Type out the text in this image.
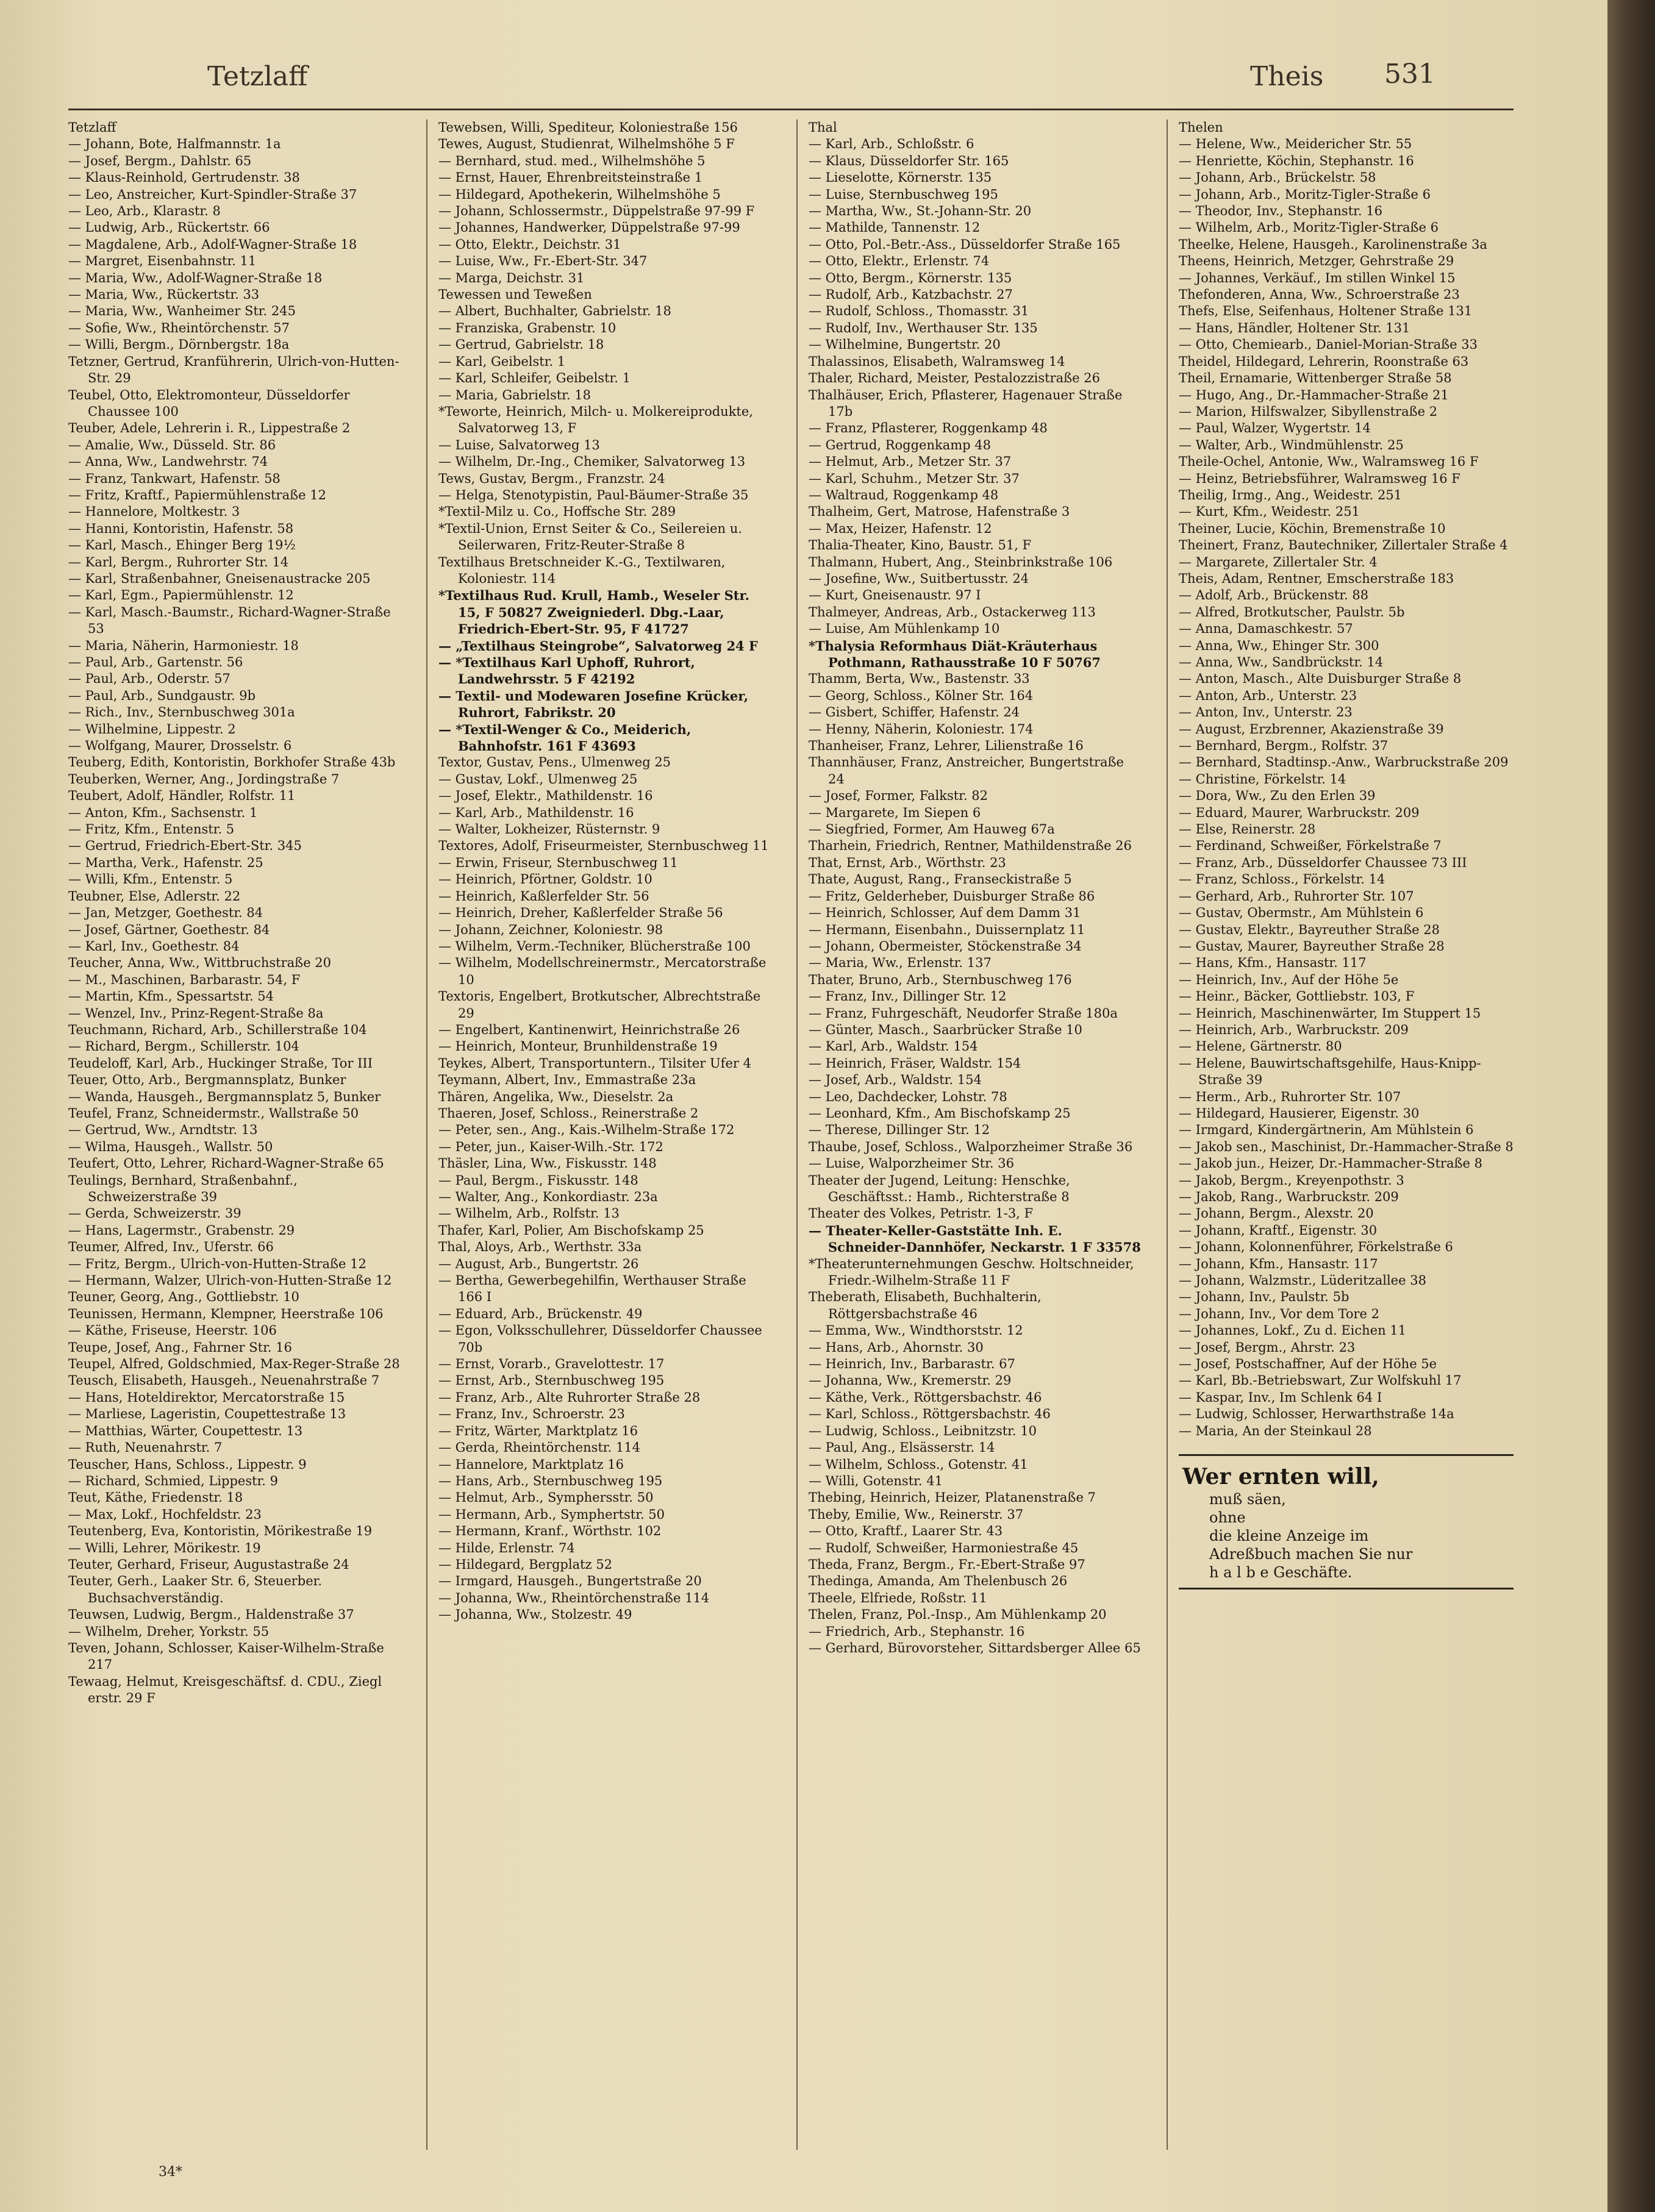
Tetzlaff	Theis 531
Tetzlaff
— Johann, Bote, Halfmannstr. 1a
— Josef, Bergm., Dahlstr. 65
— Klaus-Reinhold, Gertrudenstr. 38
— Leo, Anstreicher, Kurt-Spindler-Straße 37
— Leo, Arb., Klarastr. 8
— Ludwig, Arb., Rückertstr. 66
— Magdalene, Arb., Adolf-Wagner-Straße 18
— Margret, Eisenbahnstr. 11
— Maria, Ww., Adolf-Wagner-Straße 18
— Maria, Ww., Rückertstr. 33
— Maria, Ww., Wanheimer Str. 245
— Sofie, Ww., Rheintörchenstr. 57
— Willi, Bergm., Dörnbergstr. 18a
Tetzner, Gertrud, Kranführerin, Ulrich-von-Hutten-Str. 29
Teubel, Otto, Elektromonteur, Düsseldorfer Chaussee 100
Teuber, Adele, Lehrerin i. R., Lippestraße 2
— Amalie, Ww., Düsseld. Str. 86
— Anna, Ww., Landwehrstr. 74
— Franz, Tankwart, Hafenstr. 58
— Fritz, Kraftf., Papiermühlenstraße 12
— Hannelore, Moltkestr. 3
— Hanni, Kontoristin, Hafenstr. 58
— Karl, Masch., Ehinger Berg 19½
— Karl, Bergm., Ruhrorter Str. 14
— Karl, Straßenbahner, Gneisenaustracke 205
— Karl, Egm., Papiermühlenstr. 12
— Karl, Masch.-Baumstr., Richard-Wagner-Straße 53
— Maria, Näherin, Harmoniestr. 18
— Paul, Arb., Gartenstr. 56
— Paul, Arb., Oderstr. 57
— Paul, Arb., Sundgaustr. 9b
— Rich., Inv., Sternbuschweg 301a
— Wilhelmine, Lippestr. 2
— Wolfgang, Maurer, Drosselstr. 6
Teuberg, Edith, Kontoristin, Borkhofer Straße 43b
Teuberken, Werner, Ang., Jordingstraße 7
Teubert, Adolf, Händler, Rolfstr. 11
— Anton, Kfm., Sachsenstr. 1
— Fritz, Kfm., Entenstr. 5
— Gertrud, Friedrich-Ebert-Str. 345
— Martha, Verk., Hafenstr. 25
— Willi, Kfm., Entenstr. 5
Teubner, Else, Adlerstr. 22
— Jan, Metzger, Goethestr. 84
— Josef, Gärtner, Goethestr. 84
— Karl, Inv., Goethestr. 84
Teucher, Anna, Ww., Wittbruchstraße 20
— M., Maschinen, Barbarastr. 54, F
— Martin, Kfm., Spessartstr. 54
— Wenzel, Inv., Prinz-Regent-Straße 8a
Teuchmann, Richard, Arb., Schillerstraße 104
— Richard, Bergm., Schillerstr. 104
Teudeloff, Karl, Arb., Huckinger Straße, Tor III
Teuer, Otto, Arb., Bergmannsplatz, Bunker
— Wanda, Hausgeh., Bergmannsplatz 5, Bunker
Teufel, Franz, Schneidermstr., Wallstraße 50
— Gertrud, Ww., Arndtstr. 13
— Wilma, Hausgeh., Wallstr. 50
Teufert, Otto, Lehrer, Richard-Wagner-Straße 65
Teulings, Bernhard, Straßenbahnf., Schweizerstraße 39
— Gerda, Schweizerstr. 39
— Hans, Lagermstr., Grabenstr. 29
Teumer, Alfred, Inv., Uferstr. 66
— Fritz, Bergm., Ulrich-von-Hutten-Straße 12
— Hermann, Walzer, Ulrich-von-Hutten-Straße 12
Teuner, Georg, Ang., Gottliebstr. 10
Teunissen, Hermann, Klempner, Heerstraße 106
— Käthe, Friseuse, Heerstr. 106
Teupe, Josef, Ang., Fahrner Str. 16
Teupel, Alfred, Goldschmied, Max-Reger-Straße 28
Teusch, Elisabeth, Hausgeh., Neuenahrstraße 7
— Hans, Hoteldirektor, Mercatorstraße 15
— Marliese, Lageristin, Coupettestraße 13
— Matthias, Wärter, Coupettestr. 13
— Ruth, Neuenahrstr. 7
Teuscher, Hans, Schloss., Lippestr. 9
— Richard, Schmied, Lippestr. 9
Teut, Käthe, Friedenstr. 18
— Max, Lokf., Hochfeldstr. 23
Teutenberg, Eva, Kontoristin, Mörikestraße 19
— Willi, Lehrer, Mörikestr. 19
Teuter, Gerhard, Friseur, Augustastraße 24
Teuter, Gerh., Laaker Str. 6, Steuerber. Buchsachverständig.
Teuwsen, Ludwig, Bergm., Haldenstraße 37
— Wilhelm, Dreher, Yorkstr. 55
Teven, Johann, Schlosser, Kaiser-Wilhelm-Straße 217
Tewaag, Helmut, Kreisgeschäftsf. d. CDU., Ziegl​erstr. 29 F
Tewebsen, Willi, Spediteur, Koloniestraße 156
Tewes, August, Studienrat, Wilhelmshöhe 5 F
— Bernhard, stud. med., Wilhelmshöhe 5
— Ernst, Hauer, Ehrenbreitsteinstraße 1
— Hildegard, Apothekerin, Wilhelmshöhe 5
— Johann, Schlossermstr., Düppelstraße 97-99 F
— Johannes, Handwerker, Düppelstraße 97-99
— Otto, Elektr., Deichstr. 31
— Luise, Ww., Fr.-Ebert-Str. 347
— Marga, Deichstr. 31
Tewessen und Teweßen
— Albert, Buchhalter, Gabrielstr. 18
— Franziska, Grabenstr. 10
— Gertrud, Gabrielstr. 18
— Karl, Geibelstr. 1
— Karl, Schleifer, Geibelstr. 1
— Maria, Gabrielstr. 18
*Teworte, Heinrich, Milch- u. Molkereiprodukte, Salvatorweg 13, F
— Luise, Salvatorweg 13
— Wilhelm, Dr.-Ing., Chemiker, Salvatorweg 13
Tews, Gustav, Bergm., Franzstr. 24
— Helga, Stenotypistin, Paul-Bäumer-Straße 35
*Textil-Milz u. Co., Hoffsche Str. 289
*Textil-Union, Ernst Seiter & Co., Seilereien u. Seilerwaren, Fritz-Reuter-Straße 8
Textilhaus Bretschneider K.-G., Textilwaren, Koloniestr. 114
*Textilhaus Rud. Krull, Hamb., Weseler Str. 15, F 50827 Zweigniederl. Dbg.-Laar, Friedrich-Ebert-Str. 95, F 41727
— „Textilhaus Steingrobe“, Salvatorweg 24 F
— *Textilhaus Karl Uphoff, Ruhrort, Landwehrsstr. 5 F 42192
— Textil- und Modewaren Josefine Krücker, Ruhrort, Fabrikstr. 20
— *Textil-Wenger & Co., Meiderich, Bahnhofstr. 161 F 43693
Textor, Gustav, Pens., Ulmenweg 25
— Gustav, Lokf., Ulmenweg 25
— Josef, Elektr., Mathildenstr. 16
— Karl, Arb., Mathildenstr. 16
— Walter, Lokheizer, Rüsternstr. 9
Textores, Adolf, Friseurmeister, Sternbuschweg 11
— Erwin, Friseur, Sternbuschweg 11
— Heinrich, Pförtner, Goldstr. 10
— Heinrich, Kaßlerfelder Str. 56
— Heinrich, Dreher, Kaßlerfelder Straße 56
— Johann, Zeichner, Koloniestr. 98
— Wilhelm, Verm.-Techniker, Blücherstraße 100
— Wilhelm, Modellschreinermstr., Mercatorstraße 10
Textoris, Engelbert, Brotkutscher, Albrechtstraße 29
— Engelbert, Kantinenwirt, Heinrichstraße 26
— Heinrich, Monteur, Brunhildenstraße 19
Teykes, Albert, Transportuntern., Tilsiter Ufer 4
Teymann, Albert, Inv., Emmastraße 23a
Thären, Angelika, Ww., Dieselstr. 2a
Thaeren, Josef, Schloss., Reinerstraße 2
— Peter, sen., Ang., Kais.-Wilhelm-Straße 172
— Peter, jun., Kaiser-Wilh.-Str. 172
Thäsler, Lina, Ww., Fiskusstr. 148
— Paul, Bergm., Fiskusstr. 148
— Walter, Ang., Konkordiastr. 23a
— Wilhelm, Arb., Rolfstr. 13
Thafer, Karl, Polier, Am Bischofskamp 25
Thal, Aloys, Arb., Werthstr. 33a
— August, Arb., Bungertstr. 26
— Bertha, Gewerbegehilfin, Werthauser Straße 166 I
— Eduard, Arb., Brückenstr. 49
— Egon, Volksschullehrer, Düsseldorfer Chaussee 70b
— Ernst, Vorarb., Gravelottestr. 17
— Ernst, Arb., Sternbuschweg 195
— Franz, Arb., Alte Ruhrorter Straße 28
— Franz, Inv., Schroerstr. 23
— Fritz, Wärter, Marktplatz 16
— Gerda, Rheintörchenstr. 114
— Hannelore, Marktplatz 16
— Hans, Arb., Sternbuschweg 195
— Helmut, Arb., Symphersstr. 50
— Hermann, Arb., Symphertstr. 50
— Hermann, Kranf., Wörthstr. 102
— Hilde, Erlenstr. 74
— Hildegard, Bergplatz 52
— Irmgard, Hausgeh., Bungertstraße 20
— Johanna, Ww., Rheintörchenstraße 114
— Johanna, Ww., Stolzestr. 49
Thal
— Karl, Arb., Schloßstr. 6
— Klaus, Düsseldorfer Str. 165
— Lieselotte, Körnerstr. 135
— Luise, Sternbuschweg 195
— Martha, Ww., St.-Johann-Str. 20
— Mathilde, Tannenstr. 12
— Otto, Pol.-Betr.-Ass., Düsseldorfer Straße 165
— Otto, Elektr., Erlenstr. 74
— Otto, Bergm., Körnerstr. 135
— Rudolf, Arb., Katzbachstr. 27
— Rudolf, Schloss., Thomasstr. 31
— Rudolf, Inv., Werthauser Str. 135
— Wilhelmine, Bungertstr. 20
Thalassinos, Elisabeth, Walramsweg 14
Thaler, Richard, Meister, Pestalozzistraße 26
Thalhäuser, Erich, Pflasterer, Hagenauer Straße 17b
— Franz, Pflasterer, Roggenkamp 48
— Gertrud, Roggenkamp 48
— Helmut, Arb., Metzer Str. 37
— Karl, Schuhm., Metzer Str. 37
— Waltraud, Roggenkamp 48
Thalheim, Gert, Matrose, Hafenstraße 3
— Max, Heizer, Hafenstr. 12
Thalia-Theater, Kino, Baustr. 51, F
Thalmann, Hubert, Ang., Steinbrinkstraße 106
— Josefine, Ww., Suitbertusstr. 24
— Kurt, Gneisenaustr. 97 I
Thalmeyer, Andreas, Arb., Ostackerweg 113
— Luise, Am Mühlenkamp 10
*Thalysia Reformhaus Diät-Kräuterhaus Pothmann, Rathausstraße 10 F 50767
Thamm, Berta, Ww., Bastenstr. 33
— Georg, Schloss., Kölner Str. 164
— Gisbert, Schiffer, Hafenstr. 24
— Henny, Näherin, Koloniestr. 174
Thanheiser, Franz, Lehrer, Lilienstraße 16
Thannhäuser, Franz, Anstreicher, Bungertstraße 24
— Josef, Former, Falkstr. 82
— Margarete, Im Siepen 6
— Siegfried, Former, Am Hauweg 67a
Tharhein, Friedrich, Rentner, Mathildenstraße 26
That, Ernst, Arb., Wörthstr. 23
Thate, August, Rang., Franseckistraße 5
— Fritz, Gelderheber, Duisburger Straße 86
— Heinrich, Schlosser, Auf dem Damm 31
— Hermann, Eisenbahn., Duissernplatz 11
— Johann, Obermeister, Stöckenstraße 34
— Maria, Ww., Erlenstr. 137
Thater, Bruno, Arb., Sternbuschweg 176
— Franz, Inv., Dillinger Str. 12
— Franz, Fuhrgeschäft, Neudorfer Straße 180a
— Günter, Masch., Saarbrücker Straße 10
— Karl, Arb., Waldstr. 154
— Heinrich, Fräser, Waldstr. 154
— Josef, Arb., Waldstr. 154
— Leo, Dachdecker, Lohstr. 78
— Leonhard, Kfm., Am Bischofskamp 25
— Therese, Dillinger Str. 12
Thaube, Josef, Schloss., Walporzheimer Straße 36
— Luise, Walporzheimer Str. 36
Theater der Jugend, Leitung: Henschke, Geschäftsst.: Hamb., Richterstraße 8
Theater des Volkes, Petristr. 1-3, F
— Theater-Keller-Gaststätte Inh. E. Schneider-Dannhöfer, Neckarstr. 1 F 33578
*Theaterunternehmungen Geschw. Holtschneider, Friedr.-Wilhelm-Straße 11 F
Theberath, Elisabeth, Buchhalterin, Röttgersbachstraße 46
— Emma, Ww., Windthorststr. 12
— Hans, Arb., Ahornstr. 30
— Heinrich, Inv., Barbarastr. 67
— Johanna, Ww., Kremerstr. 29
— Käthe, Verk., Röttgersbachstr. 46
— Karl, Schloss., Röttgersbachstr. 46
— Ludwig, Schloss., Leibnitzstr. 10
— Paul, Ang., Elsässerstr. 14
— Wilhelm, Schloss., Gotenstr. 41
— Willi, Gotenstr. 41
Thebing, Heinrich, Heizer, Platanenstraße 7
Theby, Emilie, Ww., Reinerstr. 37
— Otto, Kraftf., Laarer Str. 43
— Rudolf, Schweißer, Harmoniestraße 45
Theda, Franz, Bergm., Fr.-Ebert-Straße 97
Thedinga, Amanda, Am Thelenbusch 26
Theele, Elfriede, Roßstr. 11
Thelen, Franz, Pol.-Insp., Am Mühlenkamp 20
— Friedrich, Arb., Stephanstr. 16
— Gerhard, Bürovorsteher, Sittardsberger Allee 65
Thelen
— Helene, Ww., Meidericher Str. 55
— Henriette, Köchin, Stephanstr. 16
— Johann, Arb., Brückelstr. 58
— Johann, Arb., Moritz-Tigler-Straße 6
— Theodor, Inv., Stephanstr. 16
— Wilhelm, Arb., Moritz-Tigler-Straße 6
Theelke, Helene, Hausgeh., Karolinenstraße 3a
Theens, Heinrich, Metzger, Gehrstraße 29
— Johannes, Verkäuf., Im stillen Winkel 15
Thefonderen, Anna, Ww., Schroerstraße 23
Thefs, Else, Seifenhaus, Holtener Straße 131
— Hans, Händler, Holtener Str. 131
— Otto, Chemiearb., Daniel-Morian-Straße 33
Theidel, Hildegard, Lehrerin, Roonstraße 63
Theil, Ernamarie, Wittenberger Straße 58
— Hugo, Ang., Dr.-Hammacher-Straße 21
— Marion, Hilfswalzer, Sibyllenstraße 2
— Paul, Walzer, Wygertstr. 14
— Walter, Arb., Windmühlenstr. 25
Theile-Ochel, Antonie, Ww., Walramsweg 16 F
— Heinz, Betriebsführer, Walramsweg 16 F
Theilig, Irmg., Ang., Weidestr. 251
— Kurt, Kfm., Weidestr. 251
Theiner, Lucie, Köchin, Bremenstraße 10
Theinert, Franz, Bautechniker, Zillertaler Straße 4
— Margarete, Zillertaler Str. 4
Theis, Adam, Rentner, Emscherstraße 183
— Adolf, Arb., Brückenstr. 88
— Alfred, Brotkutscher, Paulstr. 5b
— Anna, Damaschkestr. 57
— Anna, Ww., Ehinger Str. 300
— Anna, Ww., Sandbrückstr. 14
— Anton, Masch., Alte Duisburger Straße 8
— Anton, Arb., Unterstr. 23
— Anton, Inv., Unterstr. 23
— August, Erzbrenner, Akazienstraße 39
— Bernhard, Bergm., Rolfstr. 37
— Bernhard, Stadtinsp.-Anw., Warbruckstraße 209
— Christine, Förkelstr. 14
— Dora, Ww., Zu den Erlen 39
— Eduard, Maurer, Warbruckstr. 209
— Else, Reinerstr. 28
— Ferdinand, Schweißer, Förkelstraße 7
— Franz, Arb., Düsseldorfer Chaussee 73 III
— Franz, Schloss., Förkelstr. 14
— Gerhard, Arb., Ruhrorter Str. 107
— Gustav, Obermstr., Am Mühlstein 6
— Gustav, Elektr., Bayreuther Straße 28
— Gustav, Maurer, Bayreuther Straße 28
— Hans, Kfm., Hansastr. 117
— Heinrich, Inv., Auf der Höhe 5e
— Heinr., Bäcker, Gottliebstr. 103, F
— Heinrich, Maschinenwärter, Im Stuppert 15
— Heinrich, Arb., Warbruckstr. 209
— Helene, Gärtnerstr. 80
— Helene, Bauwirtschaftsgehilfe, Haus-Knipp-Straße 39
— Herm., Arb., Ruhrorter Str. 107
— Hildegard, Hausierer, Eigenstr. 30
— Irmgard, Kindergärtnerin, Am Mühlstein 6
— Jakob sen., Maschinist, Dr.-Hammacher-Straße 8
— Jakob jun., Heizer, Dr.-Hammacher-Straße 8
— Jakob, Bergm., Kreyenpothstr. 3
— Jakob, Rang., Warbruckstr. 209
— Johann, Bergm., Alexstr. 20
— Johann, Kraftf., Eigenstr. 30
— Johann, Kolonnenführer, Förkelstraße 6
— Johann, Kfm., Hansastr. 117
— Johann, Walzmstr., Lüderitzallee 38
— Johann, Inv., Paulstr. 5b
— Johann, Inv., Vor dem Tore 2
— Johannes, Lokf., Zu d. Eichen 11
— Josef, Bergm., Ahrstr. 23
— Josef, Postschaffner, Auf der Höhe 5e
— Karl, Bb.-Betriebswart, Zur Wolfskuhl 17
— Kaspar, Inv., Im Schlenk 64 I
— Ludwig, Schlosser, Herwarthstraße 14a
— Maria, An der Steinkaul 28
Wer ernten will,
muß säen,
ohne
die kleine Anzeige im
Adreßbuch machen Sie nur
h a l b e Geschäfte.
34*
